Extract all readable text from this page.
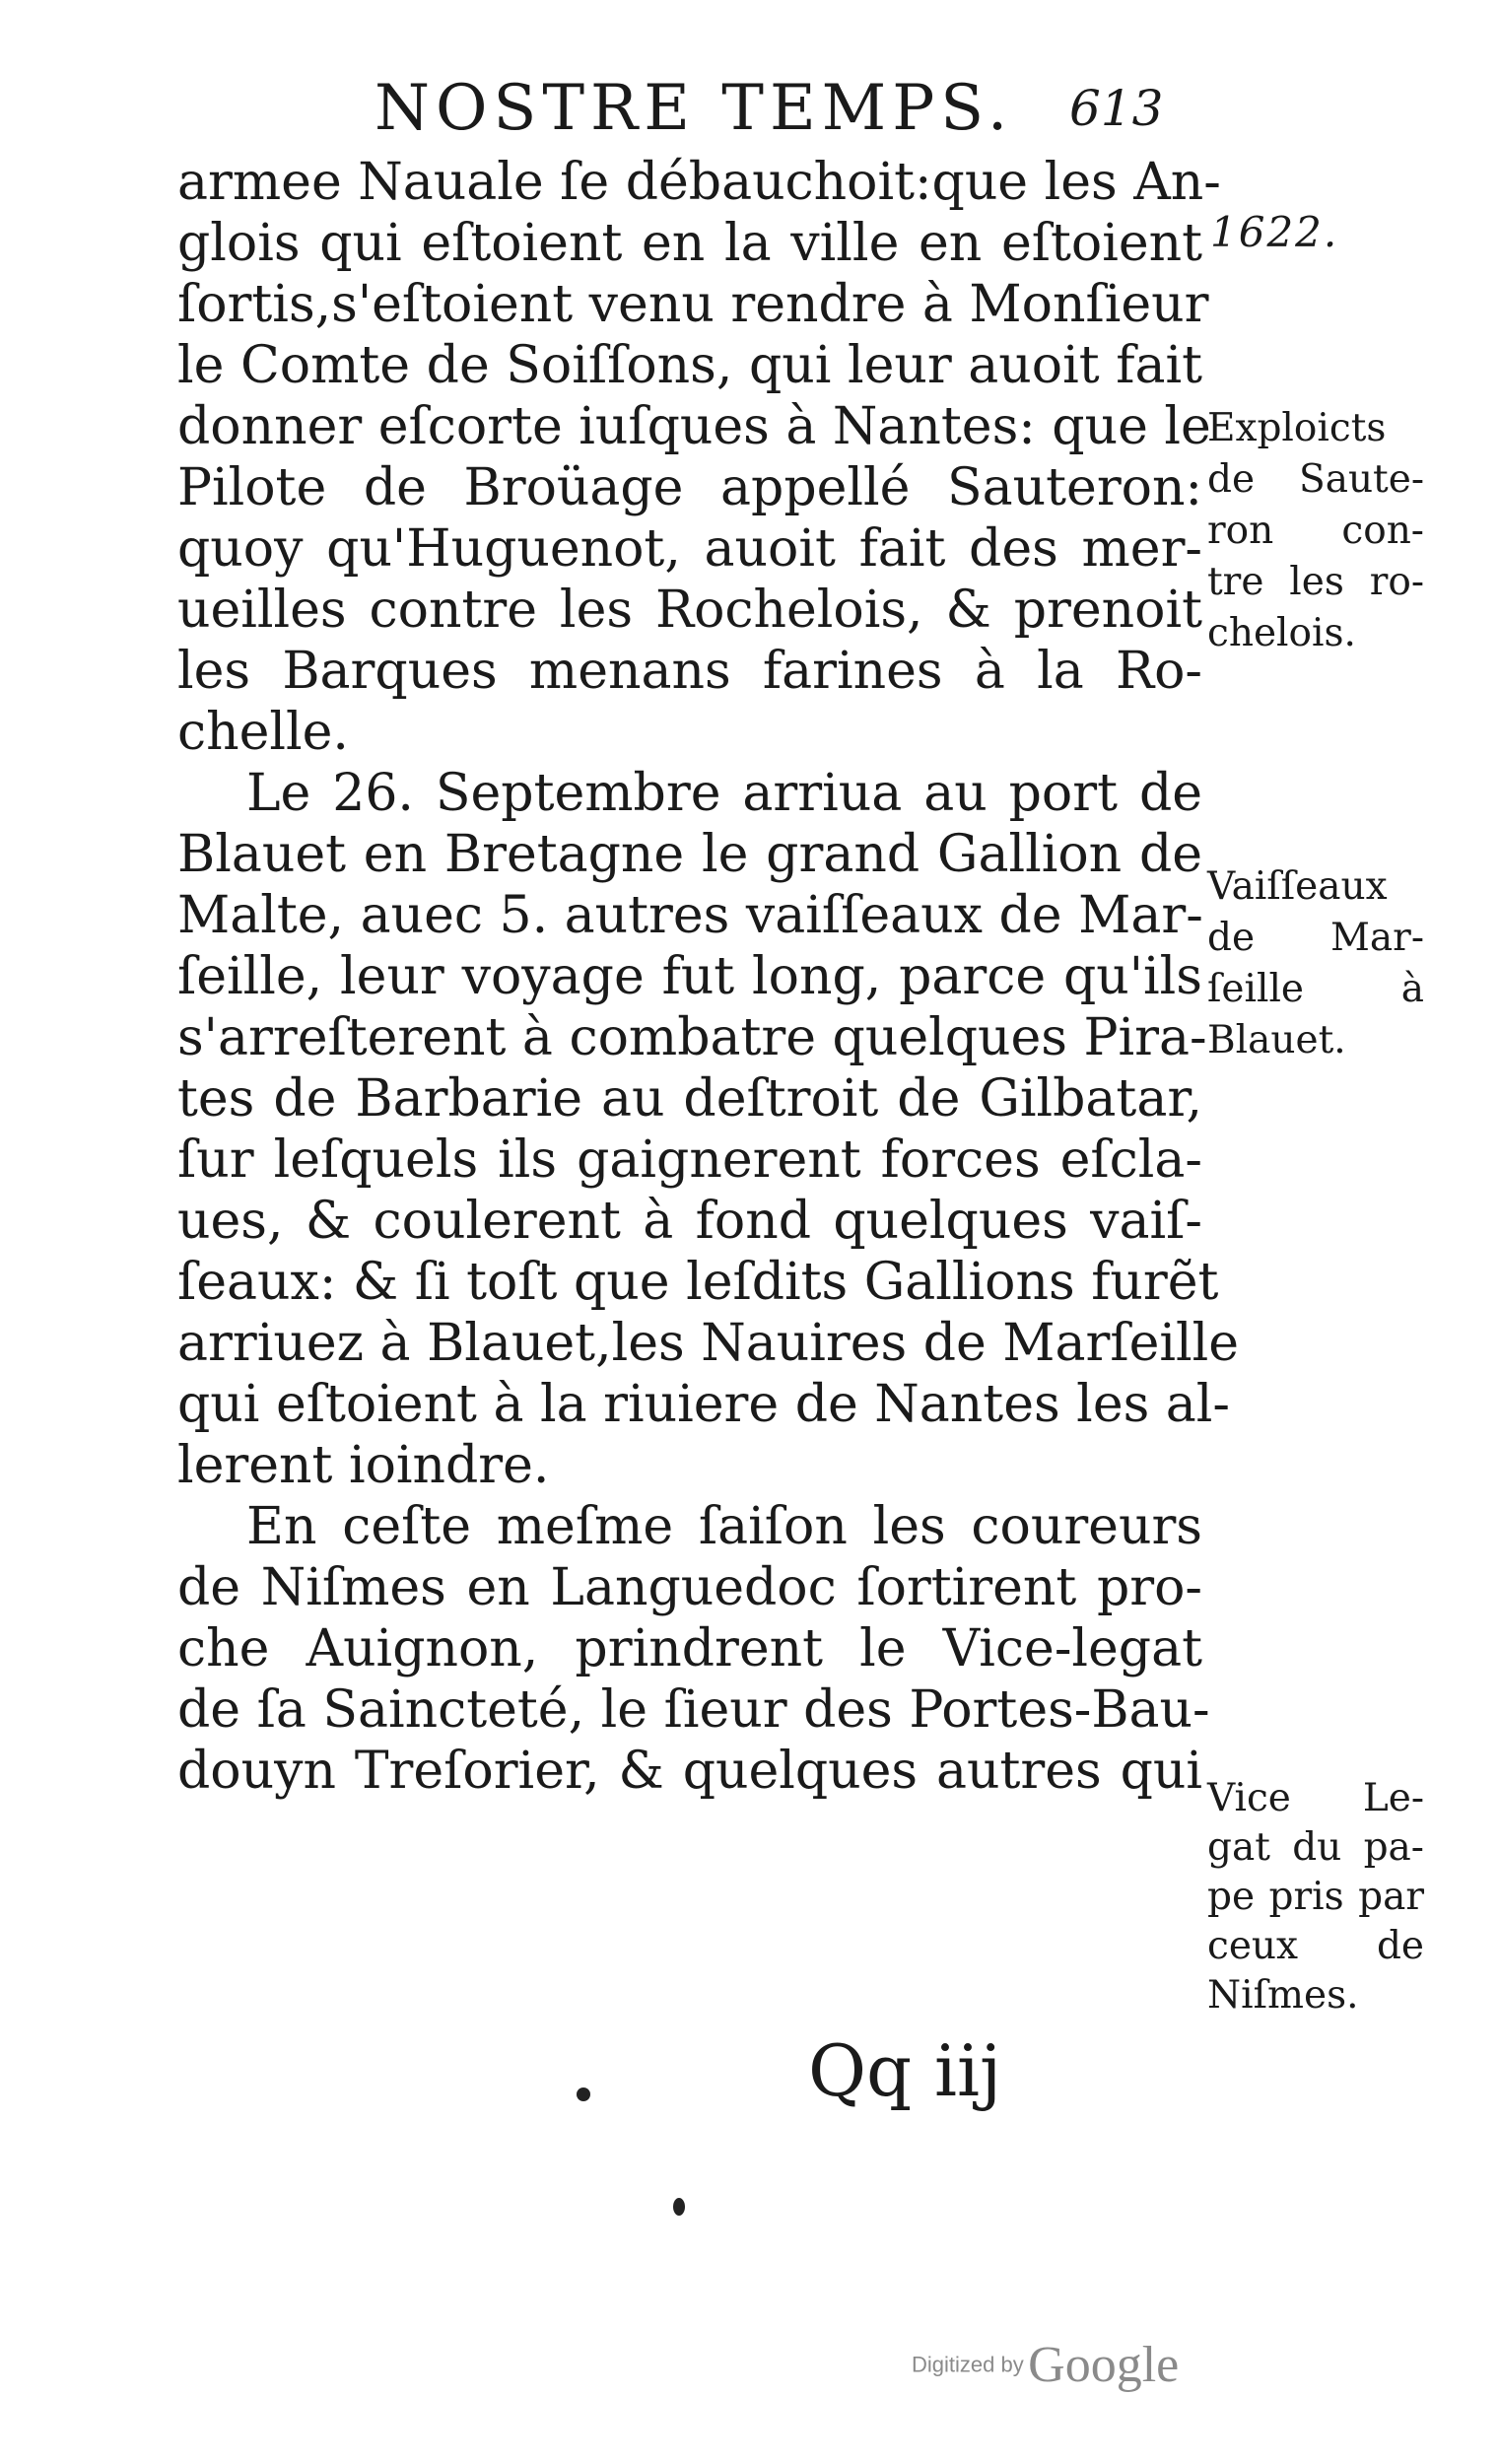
NOSTRE TEMPS. 613
1622.
armee Nauale ſe débauchoit:que les An-
glois qui eſtoient en la ville en eſtoient
ſortis,s'eſtoient venu rendre à Monſieur
le Comte de Soiſſons, qui leur auoit fait
donner eſcorte iuſques à Nantes: que le
Pilote de Broüage appellé Sauteron:
quoy qu'Huguenot, auoit fait des mer-
ueilles contre les Rochelois, & prenoit
les Barques menans farines à la Ro-
chelle.
Le 26. Septembre arriua au port de
Blauet en Bretagne le grand Gallion de
Malte, auec 5. autres vaiſſeaux de Mar-
ſeille, leur voyage fut long, parce qu'ils
s'arreſterent à combatre quelques Pira-
tes de Barbarie au deſtroit de Gilbatar,
ſur leſquels ils gaignerent forces eſcla-
ues, & coulerent à fond quelques vaiſ-
ſeaux: & ſi toſt que leſdits Gallions furẽt
arriuez à Blauet,les Nauires de Marſeille
qui eſtoient à la riuiere de Nantes les al-
lerent ioindre.
En ceſte meſme ſaiſon les coureurs
de Niſmes en Languedoc ſortirent pro-
che Auignon, prindrent le Vice-legat
de ſa Saincteté, le ſieur des Portes-Bau-
douyn Treſorier, & quelques autres qui
Exploicts
de Saute-
ron con-
tre les ro-
chelois.
Vaiſſeaux
de Mar-
ſeille à
Blauet.
Vice Le-
gat du pa-
pe pris par
ceux de
Niſmes.
Qq iij
Digitized by Google
